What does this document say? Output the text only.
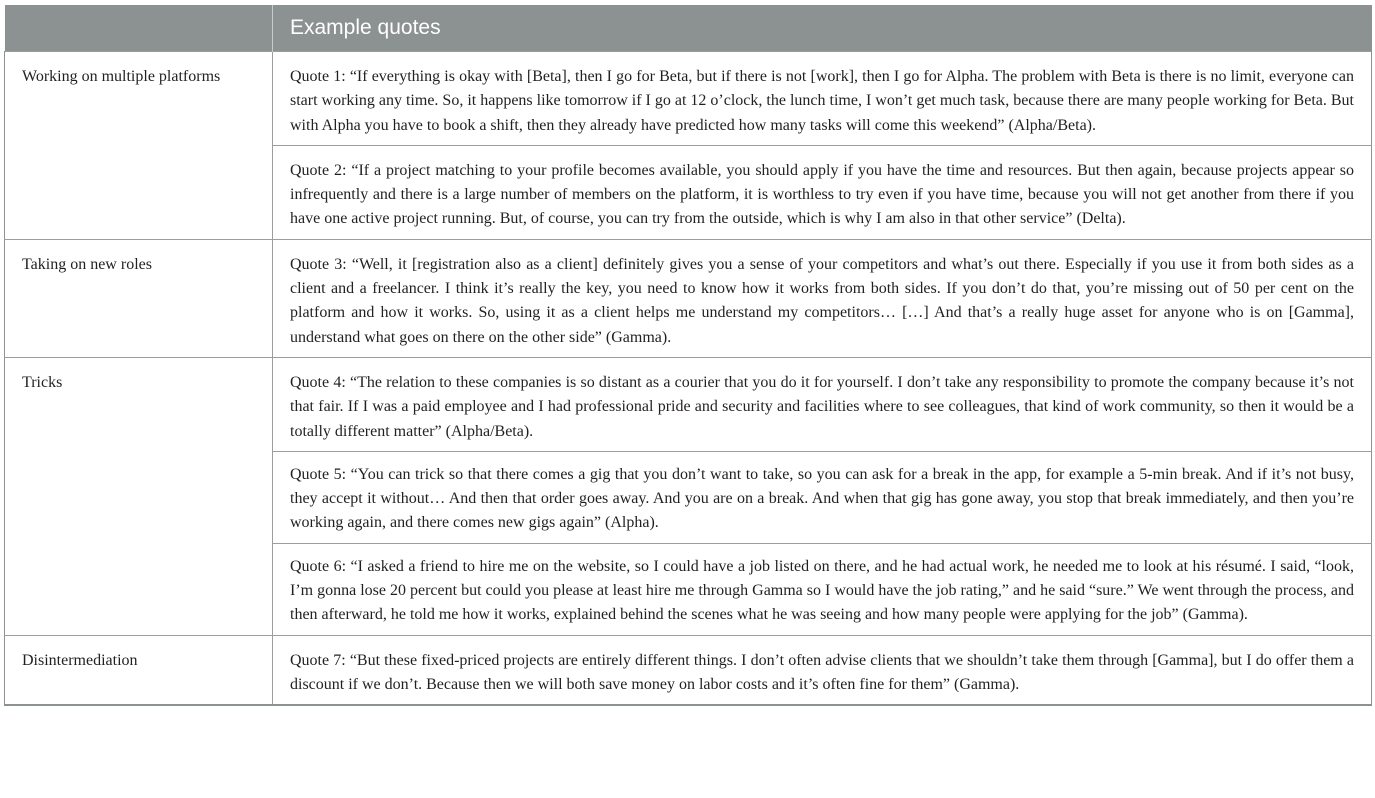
	Example quotes
Working on multiple platforms	Quote 1: “If everything is okay with [Beta], then I go for Beta, but if there is not [work], then I go for Alpha. The problem with Beta is there is no limit, everyone can start working any time. So, it happens like tomorrow if I go at 12 o’clock, the lunch time, I won’t get much task, because there are many people working for Beta. But with Alpha you have to book a shift, then they already have predicted how many tasks will come this weekend” (Alpha/Beta).
	Quote 2: “If a project matching to your profile becomes available, you should apply if you have the time and resources. But then again, because projects appear so infrequently and there is a large number of members on the platform, it is worthless to try even if you have time, because you will not get another from there if you have one active project running. But, of course, you can try from the outside, which is why I am also in that other service” (Delta).
Taking on new roles	Quote 3: “Well, it [registration also as a client] definitely gives you a sense of your competitors and what’s out there. Especially if you use it from both sides as a client and a freelancer. I think it’s really the key, you need to know how it works from both sides. If you don’t do that, you’re missing out of 50 per cent on the platform and how it works. So, using it as a client helps me understand my competitors… […] And that’s a really huge asset for anyone who is on [Gamma], understand what goes on there on the other side” (Gamma).
Tricks	Quote 4: “The relation to these companies is so distant as a courier that you do it for yourself. I don’t take any responsibility to promote the company because it’s not that fair. If I was a paid employee and I had professional pride and security and facilities where to see colleagues, that kind of work community, so then it would be a totally different matter” (Alpha/Beta).
	Quote 5: “You can trick so that there comes a gig that you don’t want to take, so you can ask for a break in the app, for example a 5-min break. And if it’s not busy, they accept it without… And then that order goes away. And you are on a break. And when that gig has gone away, you stop that break immediately, and then you’re working again, and there comes new gigs again” (Alpha).
	Quote 6: “I asked a friend to hire me on the website, so I could have a job listed on there, and he had actual work, he needed me to look at his résumé. I said, “look, I’m gonna lose 20 percent but could you please at least hire me through Gamma so I would have the job rating,” and he said “sure.” We went through the process, and then afterward, he told me how it works, explained behind the scenes what he was seeing and how many people were applying for the job” (Gamma).
Disintermediation	Quote 7: “But these fixed-priced projects are entirely different things. I don’t often advise clients that we shouldn’t take them through [Gamma], but I do offer them a discount if we don’t. Because then we will both save money on labor costs and it’s often fine for them” (Gamma).
